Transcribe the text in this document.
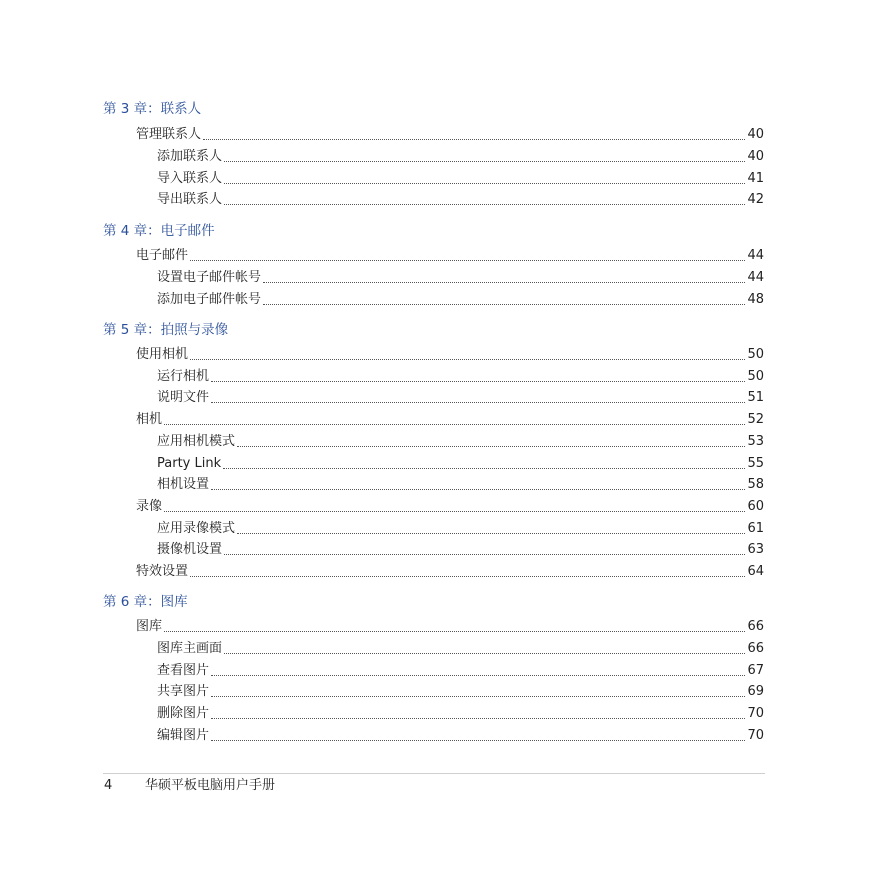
第 3 章：联系人
管理联系人	40
添加联系人	40
导入联系人	41
导出联系人	42
第 4 章：电子邮件
电子邮件	44
设置电子邮件帐号	44
添加电子邮件帐号	48
第 5 章：拍照与录像
使用相机	50
运行相机	50
说明文件	51
相机	52
应用相机模式	53
Party Link	55
相机设置	58
录像	60
应用录像模式	61
摄像机设置	63
特效设置	64
第 6 章：图库
图库	66
图库主画面	66
查看图片	67
共享图片	69
删除图片	70
编辑图片	70
4	华硕平板电脑用户手册
